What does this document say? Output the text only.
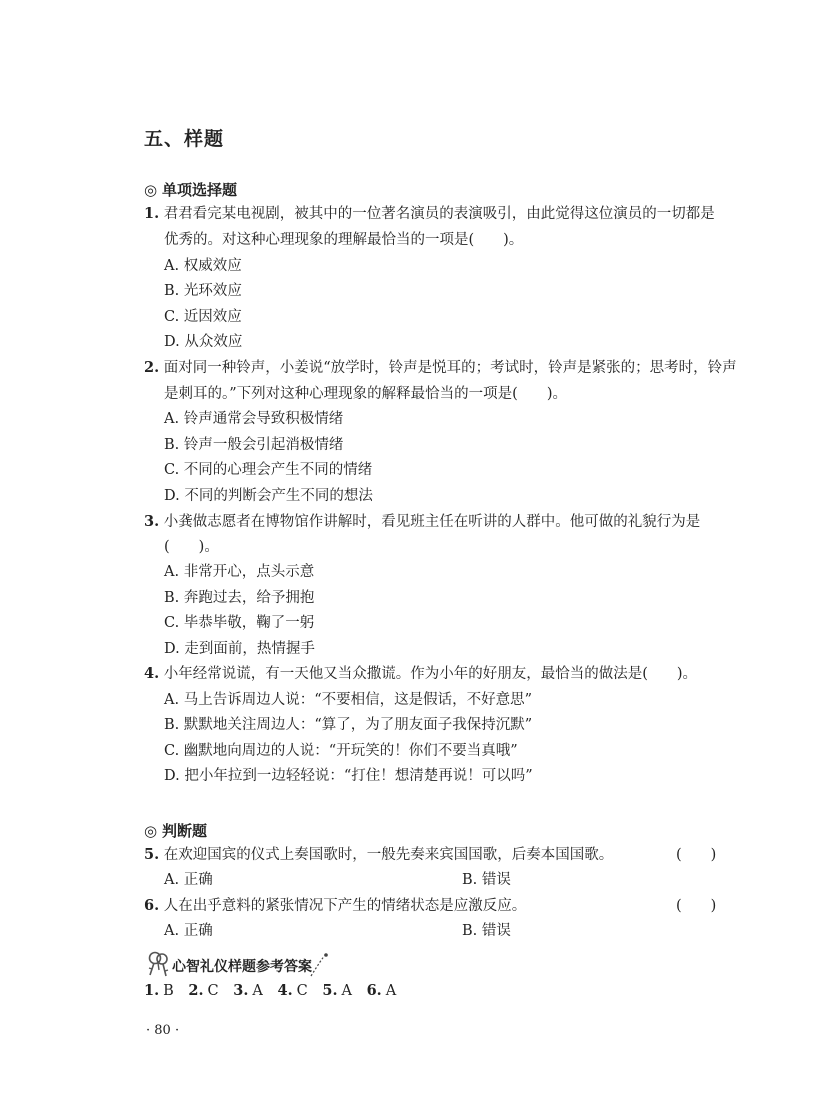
五、样题
◎ 单项选择题
1. 君君看完某电视剧，被其中的一位著名演员的表演吸引，由此觉得这位演员的一切都是
优秀的。对这种心理现象的理解最恰当的一项是(　　)。
A. 权威效应
B. 光环效应
C. 近因效应
D. 从众效应
2. 面对同一种铃声，小姜说“放学时，铃声是悦耳的；考试时，铃声是紧张的；思考时，铃声
是刺耳的。”下列对这种心理现象的解释最恰当的一项是(　　)。
A. 铃声通常会导致积极情绪
B. 铃声一般会引起消极情绪
C. 不同的心理会产生不同的情绪
D. 不同的判断会产生不同的想法
3. 小龚做志愿者在博物馆作讲解时，看见班主任在听讲的人群中。他可做的礼貌行为是
(　　)。
A. 非常开心，点头示意
B. 奔跑过去，给予拥抱
C. 毕恭毕敬，鞠了一躬
D. 走到面前，热情握手
4. 小年经常说谎，有一天他又当众撒谎。作为小年的好朋友，最恰当的做法是(　　)。
A. 马上告诉周边人说：“不要相信，这是假话，不好意思”
B. 默默地关注周边人：“算了，为了朋友面子我保持沉默”
C. 幽默地向周边的人说：“开玩笑的！你们不要当真哦”
D. 把小年拉到一边轻轻说：“打住！想清楚再说！可以吗”
◎ 判断题
5. 在欢迎国宾的仪式上奏国歌时，一般先奏来宾国国歌，后奏本国国歌。	(　　)
A. 正确	B. 错误
6. 人在出乎意料的紧张情况下产生的情绪状态是应激反应。	(　　)
A. 正确	B. 错误
心智礼仪样题参考答案
1. B 2. C 3. A 4. C 5. A 6. A
· 80 ·
